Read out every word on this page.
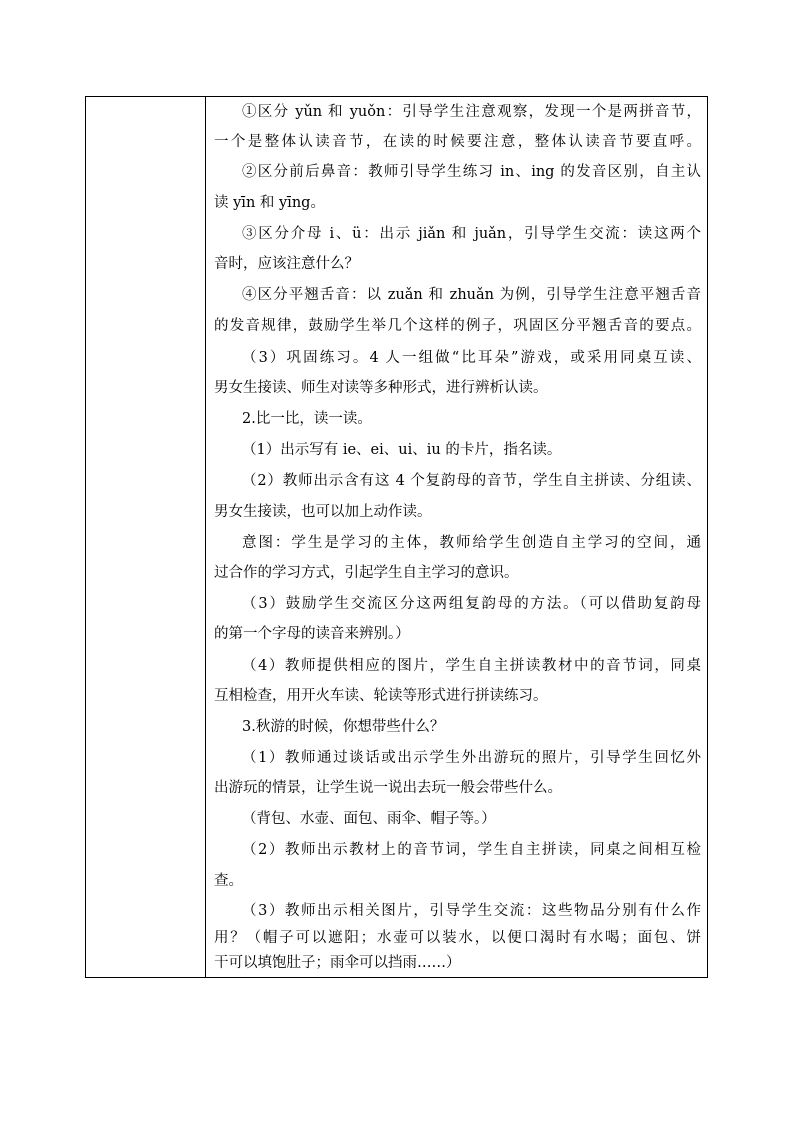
①区分 yǔn 和 yuǒn：引导学生注意观察，发现一个是两拼音节，
一个是整体认读音节，在读的时候要注意，整体认读音节要直呼。
②区分前后鼻音：教师引导学生练习 in、ing 的发音区别，自主认
读 yīn 和 yīng。
③区分介母 i、ü：出示 jiǎn 和 juǎn，引导学生交流：读这两个
音时，应该注意什么？
④区分平翘舌音：以 zuǎn 和 zhuǎn 为例，引导学生注意平翘舌音
的发音规律，鼓励学生举几个这样的例子，巩固区分平翘舌音的要点。
（3）巩固练习。4 人一组做“比耳朵”游戏，或采用同桌互读、
男女生接读、师生对读等多种形式，进行辨析认读。
2.比一比，读一读。
（1）出示写有 ie、ei、ui、iu 的卡片，指名读。
（2）教师出示含有这 4 个复韵母的音节，学生自主拼读、分组读、
男女生接读，也可以加上动作读。
意图：学生是学习的主体，教师给学生创造自主学习的空间，通
过合作的学习方式，引起学生自主学习的意识。
（3）鼓励学生交流区分这两组复韵母的方法。（可以借助复韵母
的第一个字母的读音来辨别。）
（4）教师提供相应的图片，学生自主拼读教材中的音节词，同桌
互相检查，用开火车读、轮读等形式进行拼读练习。
3.秋游的时候，你想带些什么？
（1）教师通过谈话或出示学生外出游玩的照片，引导学生回忆外
出游玩的情景，让学生说一说出去玩一般会带些什么。
（背包、水壶、面包、雨伞、帽子等。）
（2）教师出示教材上的音节词，学生自主拼读，同桌之间相互检
查。
（3）教师出示相关图片，引导学生交流：这些物品分别有什么作
用？（帽子可以遮阳；水壶可以装水，以便口渴时有水喝；面包、饼
干可以填饱肚子；雨伞可以挡雨……）
